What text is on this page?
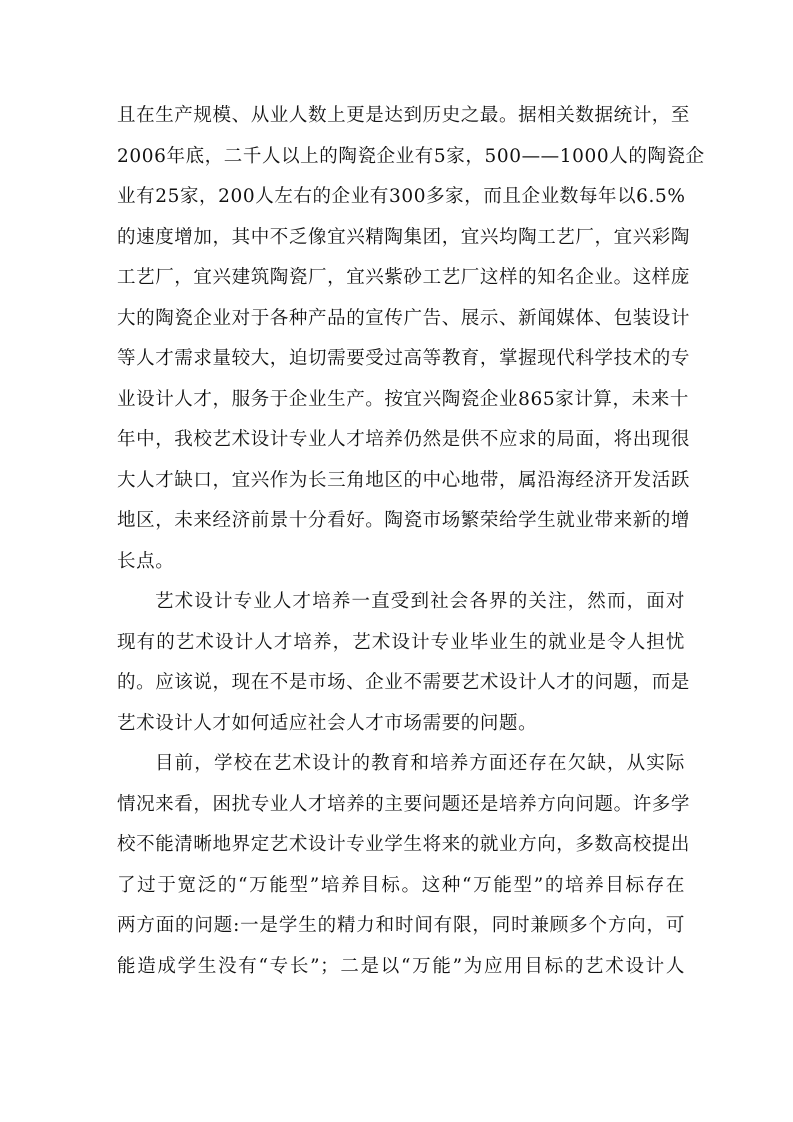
且在生产规模、从业人数上更是达到历史之最。据相关数据统计，至
2006年底，二千人以上的陶瓷企业有5家，500——1000人的陶瓷企
业有25家，200人左右的企业有300多家，而且企业数每年以6.5%
的速度增加，其中不乏像宜兴精陶集团，宜兴均陶工艺厂，宜兴彩陶
工艺厂，宜兴建筑陶瓷厂，宜兴紫砂工艺厂这样的知名企业。这样庞
大的陶瓷企业对于各种产品的宣传广告、展示、新闻媒体、包装设计
等人才需求量较大，迫切需要受过高等教育，掌握现代科学技术的专
业设计人才，服务于企业生产。按宜兴陶瓷企业865家计算，未来十
年中，我校艺术设计专业人才培养仍然是供不应求的局面，将出现很
大人才缺口，宜兴作为长三角地区的中心地带，属沿海经济开发活跃
地区，未来经济前景十分看好。陶瓷市场繁荣给学生就业带来新的增
长点。
艺术设计专业人才培养一直受到社会各界的关注，然而，面对
现有的艺术设计人才培养，艺术设计专业毕业生的就业是令人担忧
的。应该说，现在不是市场、企业不需要艺术设计人才的问题，而是
艺术设计人才如何适应社会人才市场需要的问题。
目前，学校在艺术设计的教育和培养方面还存在欠缺，从实际
情况来看，困扰专业人才培养的主要问题还是培养方向问题。许多学
校不能清晰地界定艺术设计专业学生将来的就业方向，多数高校提出
了过于宽泛的“万能型”培养目标。这种“万能型”的培养目标存在
两方面的问题:一是学生的精力和时间有限，同时兼顾多个方向，可
能造成学生没有“专长”；二是以“万能”为应用目标的艺术设计人
